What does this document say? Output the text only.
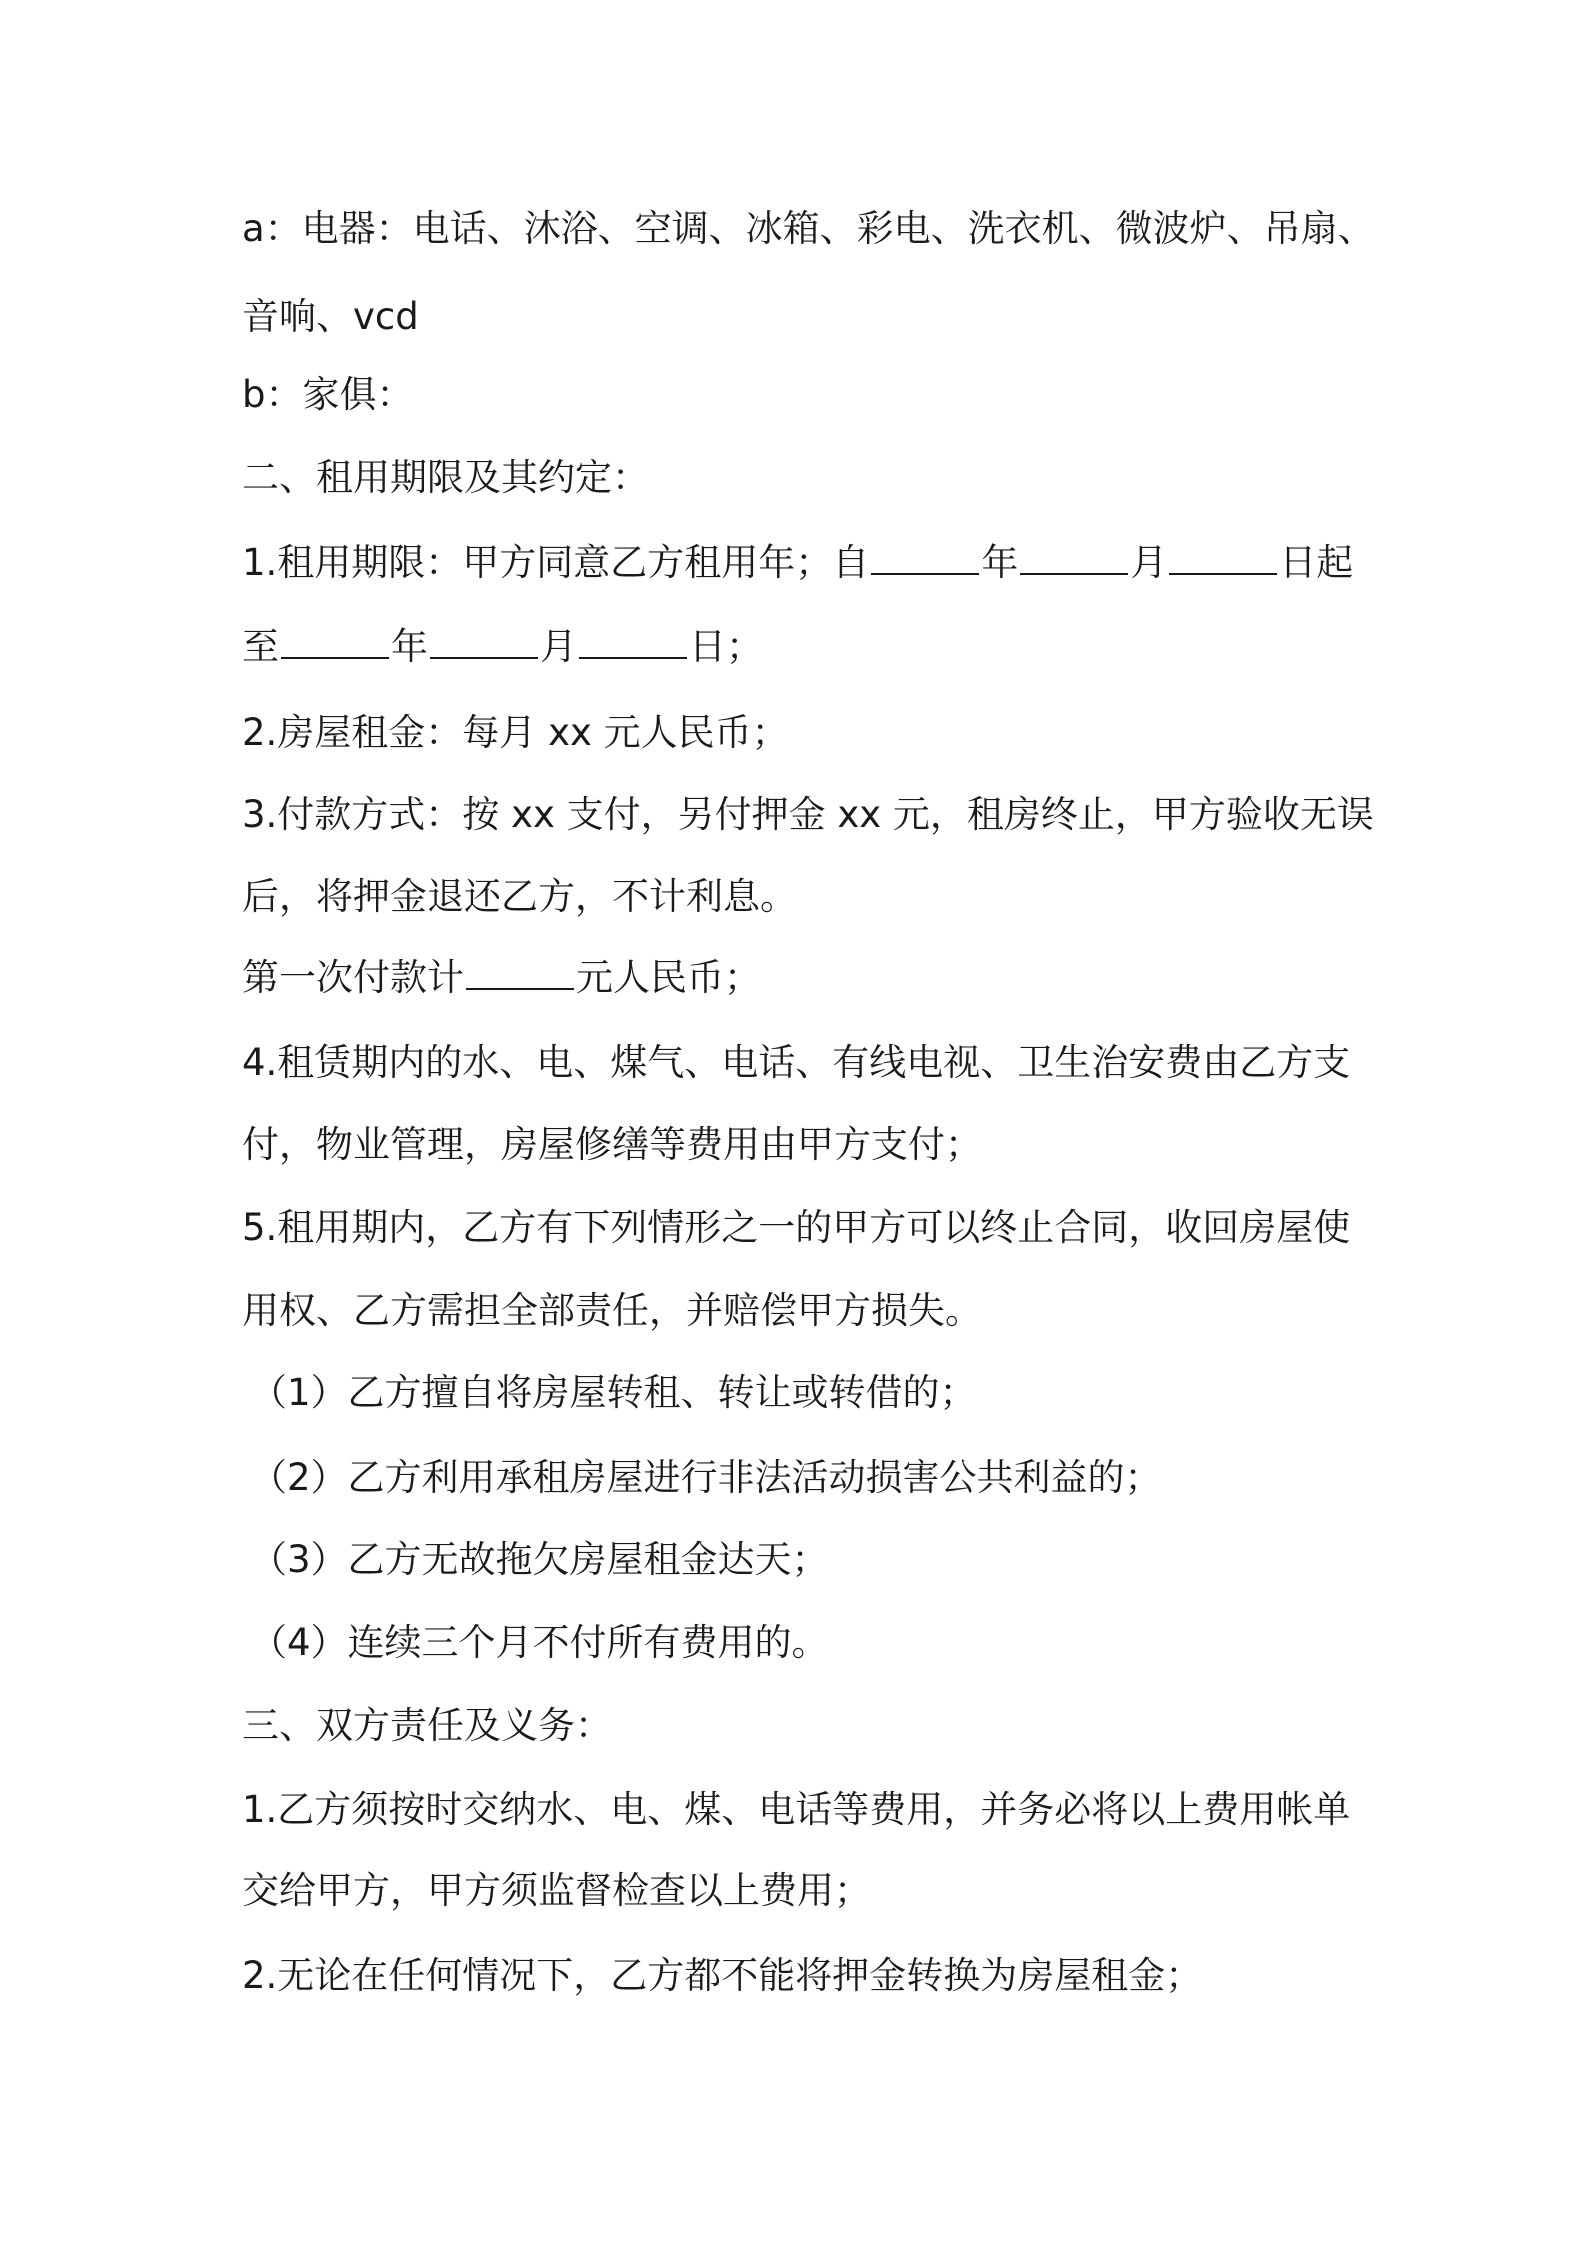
a：电器：电话、沐浴、空调、冰箱、彩电、洗衣机、微波炉、吊扇、
音响、vcd
b：家俱：
二、租用期限及其约定：
1.租用期限：甲方同意乙方租用年；自	年	月	日起
至	年	月	日；
2.房屋租金：每月 xx 元人民币；
3.付款方式：按 xx 支付，另付押金 xx 元，租房终止，甲方验收无误
后，将押金退还乙方，不计利息。
第一次付款计	元人民币；
4.租赁期内的水、电、煤气、电话、有线电视、卫生治安费由乙方支
付，物业管理，房屋修缮等费用由甲方支付；
5.租用期内，乙方有下列情形之一的甲方可以终止合同，收回房屋使
用权、乙方需担全部责任，并赔偿甲方损失。
（1）乙方擅自将房屋转租、转让或转借的；
（2）乙方利用承租房屋进行非法活动损害公共利益的；
（3）乙方无故拖欠房屋租金达天；
（4）连续三个月不付所有费用的。
三、双方责任及义务：
1.乙方须按时交纳水、电、煤、电话等费用，并务必将以上费用帐单
交给甲方，甲方须监督检查以上费用；
2.无论在任何情况下，乙方都不能将押金转换为房屋租金；
